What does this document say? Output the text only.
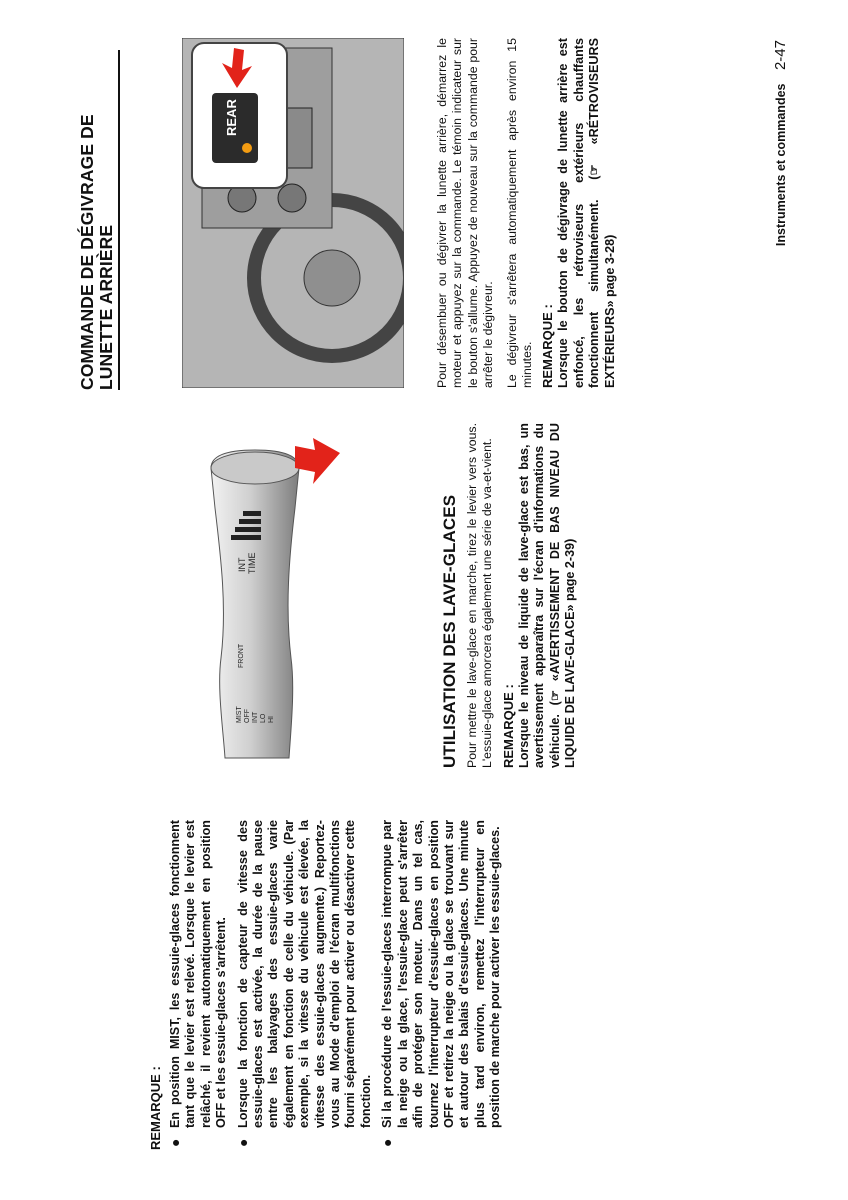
REMARQUE : ●
En position MIST, les essuie-glaces fonctionnent tant que le levier est relevé. Lorsque le levier est relâché, il revient automatiquement en position OFF et les essuie-glaces s'arrêtent.
●
Lorsque la fonction de capteur de vitesse des essuie-glaces est activée, la durée de la pause entre les balayages des essuie-glaces varie également en fonction de celle du véhicule. (Par exemple, si la vitesse du véhicule est élevée, la vitesse des essuie-glaces augmente.) Reportez-vous au Mode d'emploi de l'écran multifonctions fourni séparément pour activer ou désactiver cette fonction.
●
Si la procédure de l'essuie-glaces interrompue par la neige ou la glace, l'essuie-glace peut s'arrêter afin de protéger son moteur. Dans un tel cas, tournez l'interrupteur d'essuie-glaces en position OFF et retirez la neige ou la glace se trouvant sur et autour des balais d'essuie-glaces. Une minute plus tard environ, remettez l'interrupteur en position de marche pour activer les essuie-glaces.
INT TIME
FRONT
MIST OFF INT LO HI	UTILISATION DES LAVE-GLACES Pour mettre le lave-glace en marche, tirez le levier vers vous. L'essuie-glace amorcera également une série de va-et-vient. REMARQUE : Lorsque le niveau de liquide de lave-glace est bas, un avertissement apparaîtra sur l'écran d'informations du véhicule. (☞ «AVERTISSEMENT DE BAS NIVEAU DU LIQUIDE DE LAVE-GLACE» page 2-39)
COMMANDE DE DÉGIVRAGE DE LUNETTE ARRIÈRE
REAR	Pour désembuer ou dégivrer la lunette arrière, démarrez le moteur et appuyez sur la commande. Le témoin indicateur sur le bouton s'allume. Appuyez de nouveau sur la commande pour arrêter le dégivreur. Le dégivreur s'arrêtera automatiquement après environ 15 minutes. REMARQUE : Lorsque le bouton de dégivrage de lunette arrière est enfoncé, les rétroviseurs extérieurs chauffants fonctionnent simultanément. (☞ «RÉTROVISEURS EXTÉRIEURS» page 3-28)
Instruments et commandes 2-47
